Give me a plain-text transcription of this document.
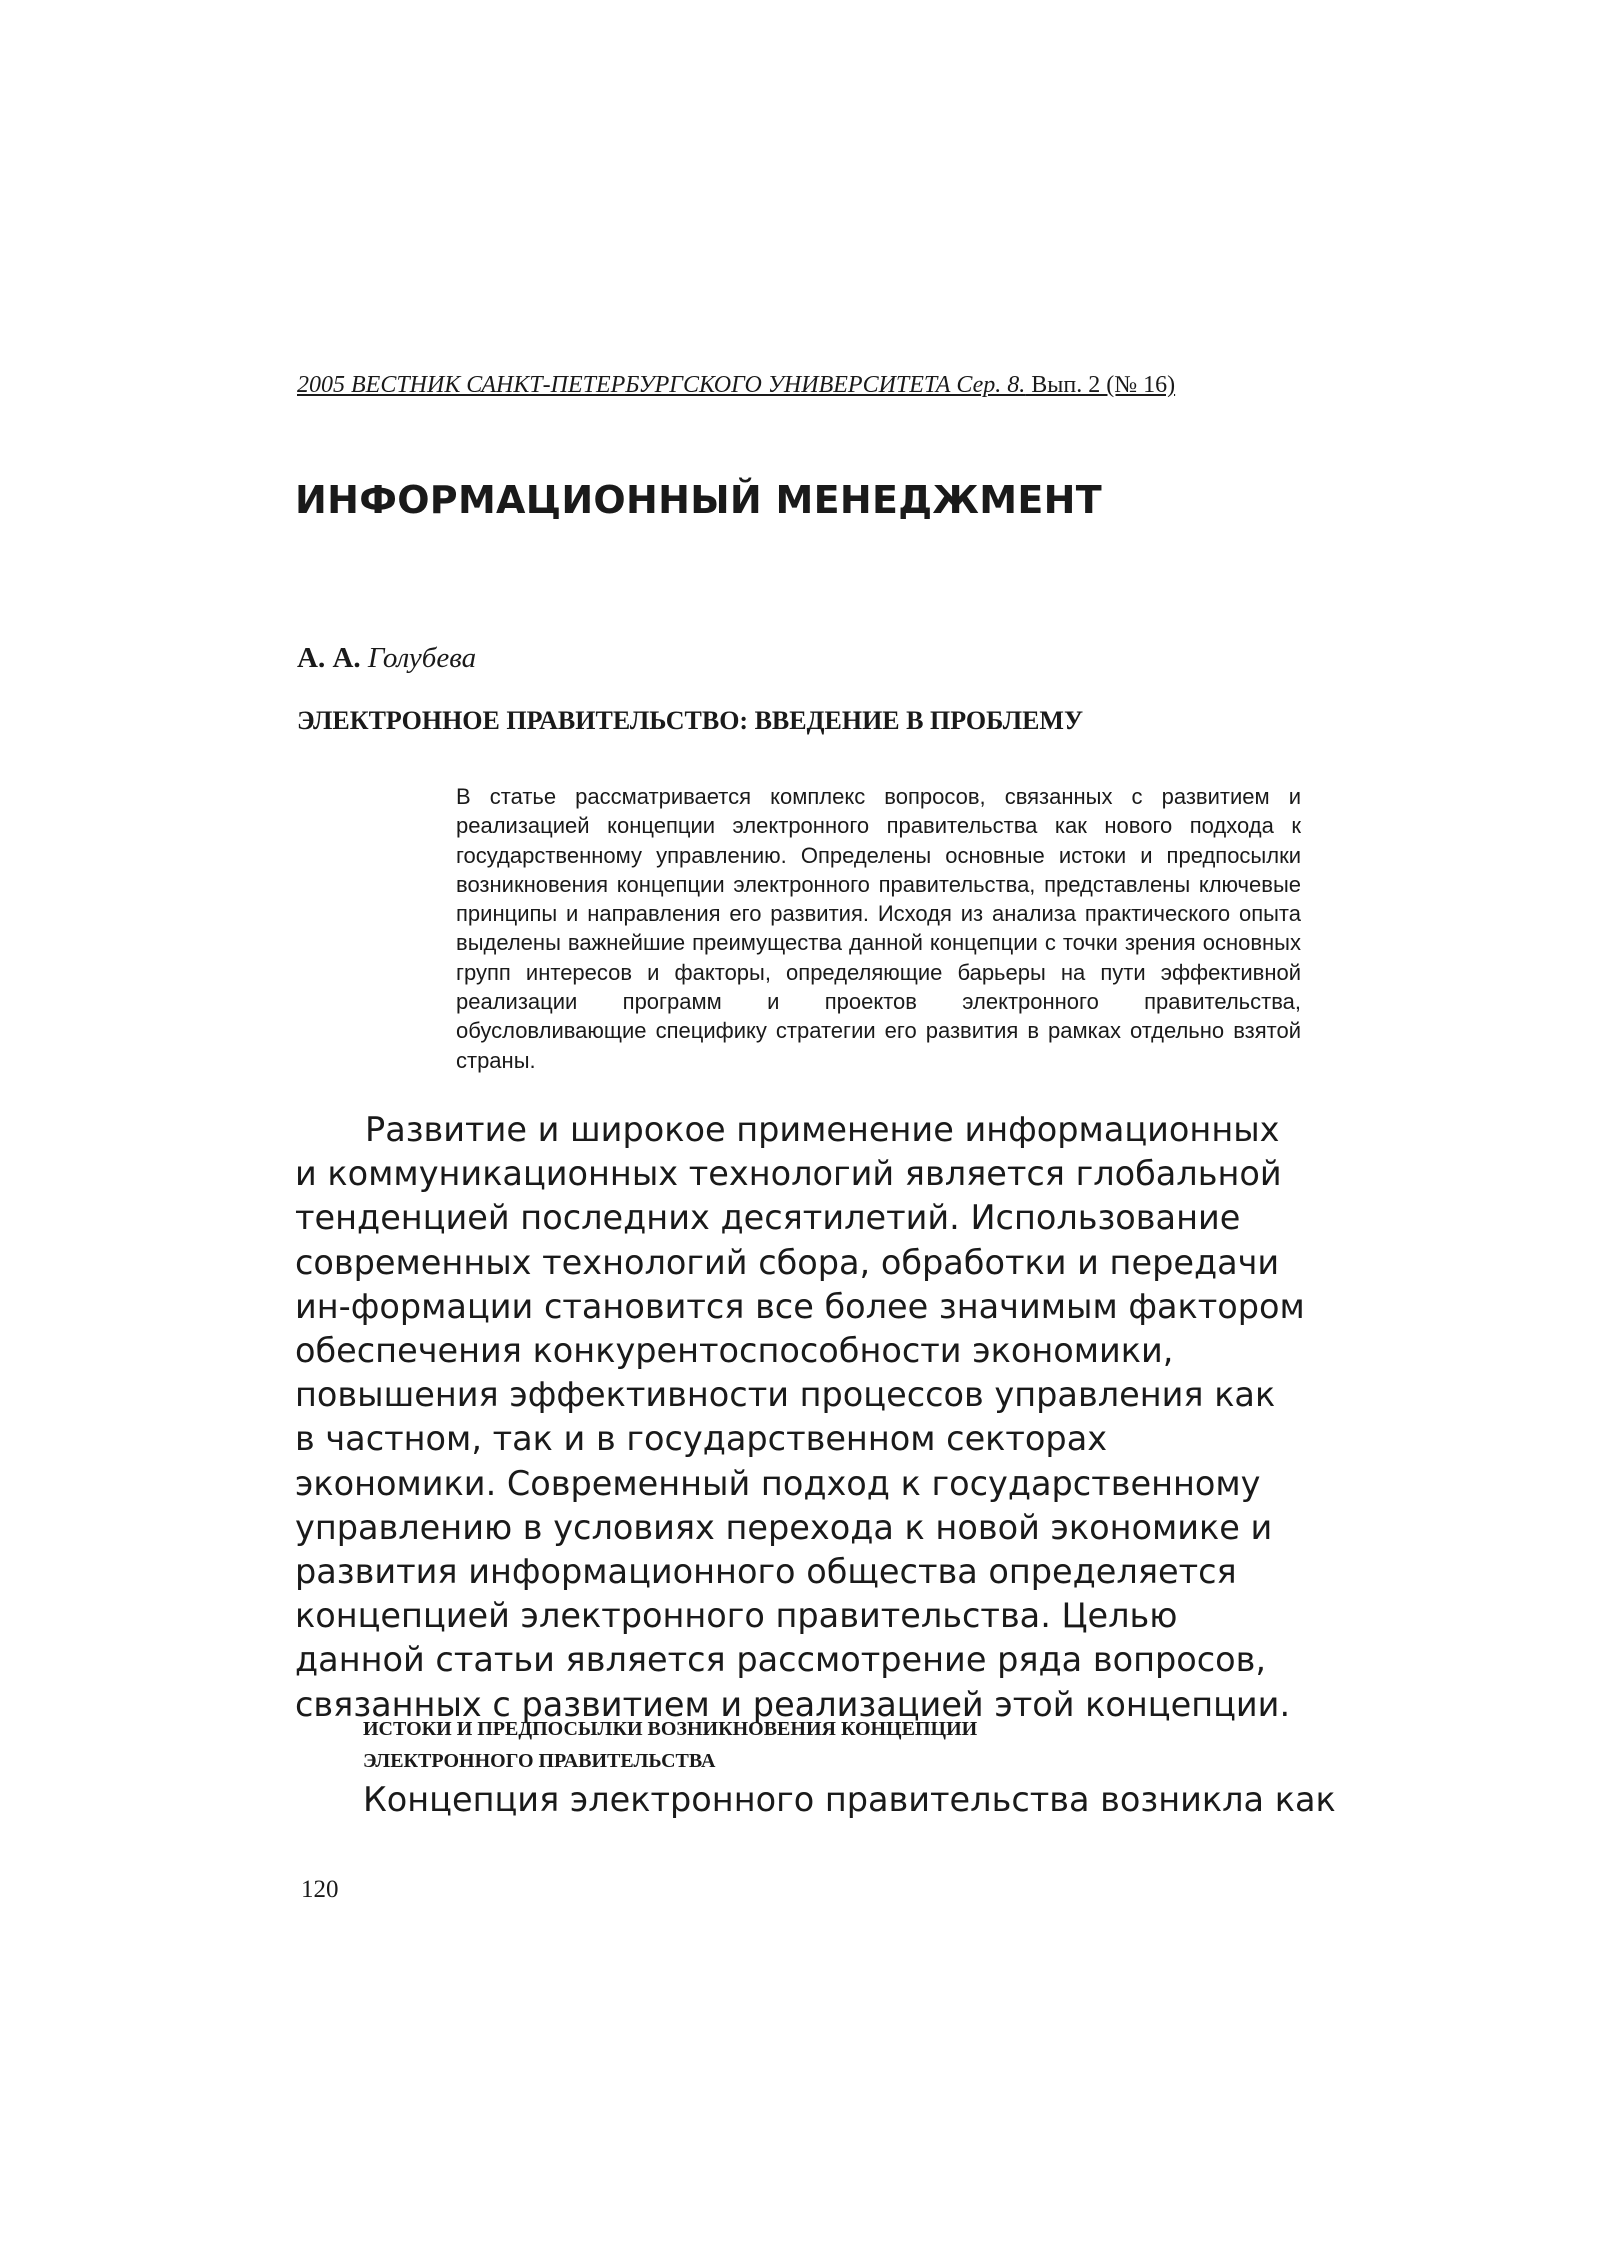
2005 ВЕСТНИК САНКТ-ПЕТЕРБУРГСКОГО УНИВЕРСИТЕТА Сер. 8. Вып. 2 (№ 16)
ИНФОРМАЦИОННЫЙ МЕНЕДЖМЕНТ
А. А. Голубева
ЭЛЕКТРОННОЕ ПРАВИТЕЛЬСТВО: ВВЕДЕНИЕ В ПРОБЛЕМУ

В статье рассматривается комплекс вопросов, связанных с развитием и реализацией концепции электронного правительства как нового подхода к государственному управлению. Определены основные истоки и предпосылки возникновения концепции электронного правительства, представлены ключевые принципы и направления его развития. Исходя из анализа практического опыта выделены важнейшие преимущества данной концепции с точки зрения основных групп интересов и факторы, определяющие барьеры на пути эффективной реализации программ и проектов электронного правительства, обусловливающие специфику стратегии его развития в рамках отдельно взятой страны.

Развитие и широкое применение информационных и коммуникационных технологий является глобальной тенденцией последних десятилетий. Использование современных технологий сбора, обработки и передачи ин-формации становится все более значимым фактором обеспечения конкурентоспособности экономики, повышения эффективности процессов управления как в частном, так и в государственном секторах экономики. Современный подход к государственному управлению в условиях перехода к новой экономике и развития информационного общества определяется концепцией электронного правительства. Целью данной статьи является рассмотрение ряда вопросов, связанных с развитием и реализацией этой концепции.

ИСТОКИ И ПРЕДПОСЫЛКИ ВОЗНИКНОВЕНИЯ КОНЦЕПЦИИ
ЭЛЕКТРОННОГО ПРАВИТЕЛЬСТВА

Концепция электронного правительства возникла как

120
